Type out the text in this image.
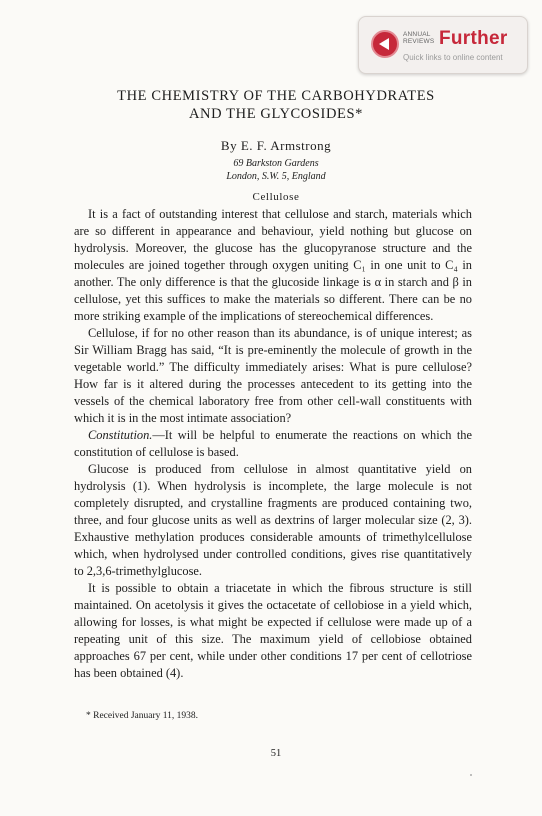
ANNUAL REVIEWS Further
Quick links to online content
THE CHEMISTRY OF THE CARBOHYDRATES
AND THE GLYCOSIDES*
By E. F. Armstrong
69 Barkston Gardens
London, S.W. 5, England
Cellulose

It is a fact of outstanding interest that cellulose and starch, materials which are so different in appearance and behaviour, yield nothing but glucose on hydrolysis. Moreover, the glucose has the glucopyranose structure and the molecules are joined together through oxygen uniting C₁ in one unit to C₄ in another. The only difference is that the glucoside linkage is α in starch and β in cellulose, yet this suffices to make the materials so different. There can be no more striking example of the implications of stereochemical differences.

Cellulose, if for no other reason than its abundance, is of unique interest; as Sir William Bragg has said, “It is pre-eminently the molecule of growth in the vegetable world.” The difficulty immediately arises: What is pure cellulose? How far is it altered during the processes antecedent to its getting into the vessels of the chemical laboratory free from other cell-wall constituents with which it is in the most intimate association?

Constitution.—It will be helpful to enumerate the reactions on which the constitution of cellulose is based.

Glucose is produced from cellulose in almost quantitative yield on hydrolysis (1). When hydrolysis is incomplete, the large molecule is not completely disrupted, and crystalline fragments are produced containing two, three, and four glucose units as well as dextrins of larger molecular size (2, 3). Exhaustive methylation produces considerable amounts of trimethylcellulose which, when hydrolysed under controlled conditions, gives rise quantitatively to 2,3,6-trimethylglucose.

It is possible to obtain a triacetate in which the fibrous structure is still maintained. On acetolysis it gives the octacetate of cellobiose in a yield which, allowing for losses, is what might be expected if cellulose were made up of a repeating unit of this size. The maximum yield of cellobiose obtained approaches 67 per cent, while under other conditions 17 per cent of cellotriose has been obtained (4).

* Received January 11, 1938.
51
